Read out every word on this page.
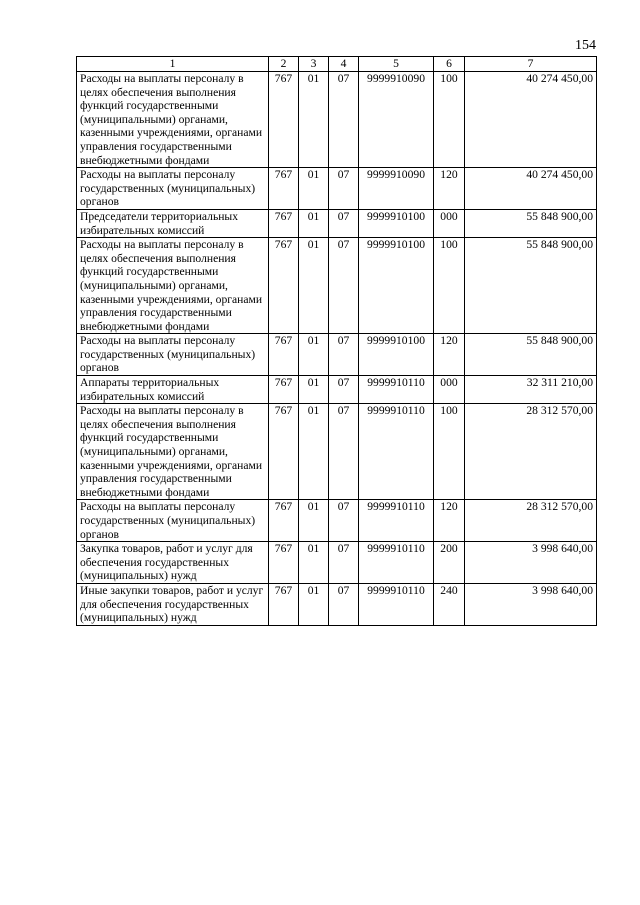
154
1	2	3	4	5	6	7
Расходы на выплаты персоналу в целях обеспечения выполнения функций государственными (муниципальными) органами, казенными учреждениями, органами управления государственными внебюджетными фондами	767	01	07	9999910090	100	40 274 450,00
Расходы на выплаты персоналу государственных (муниципальных) органов	767	01	07	9999910090	120	40 274 450,00
Председатели территориальных избирательных комиссий	767	01	07	9999910100	000	55 848 900,00
Расходы на выплаты персоналу в целях обеспечения выполнения функций государственными (муниципальными) органами, казенными учреждениями, органами управления государственными внебюджетными фондами	767	01	07	9999910100	100	55 848 900,00
Расходы на выплаты персоналу государственных (муниципальных) органов	767	01	07	9999910100	120	55 848 900,00
Аппараты территориальных избирательных комиссий	767	01	07	9999910110	000	32 311 210,00
Расходы на выплаты персоналу в целях обеспечения выполнения функций государственными (муниципальными) органами, казенными учреждениями, органами управления государственными внебюджетными фондами	767	01	07	9999910110	100	28 312 570,00
Расходы на выплаты персоналу государственных (муниципальных) органов	767	01	07	9999910110	120	28 312 570,00
Закупка товаров, работ и услуг для обеспечения государственных (муниципальных) нужд	767	01	07	9999910110	200	3 998 640,00
Иные закупки товаров, работ и услуг для обеспечения государственных (муниципальных) нужд	767	01	07	9999910110	240	3 998 640,00
